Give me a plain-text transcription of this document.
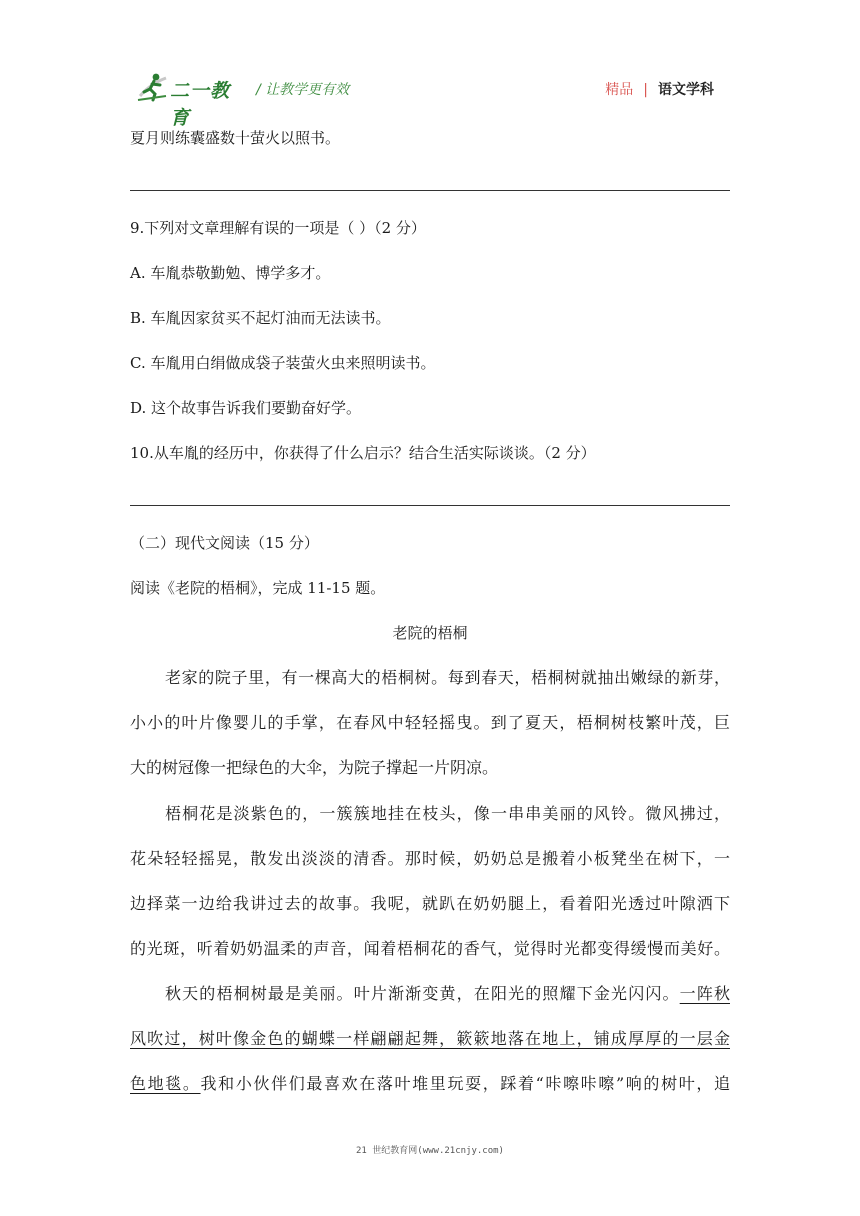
二一教育
/ 让教学更有效	精品 | 语文学科
夏月则练囊盛数十萤火以照书。
9.下列对文章理解有误的一项是（ ）（2 分）
A. 车胤恭敬勤勉、博学多才。
B. 车胤因家贫买不起灯油而无法读书。
C. 车胤用白绢做成袋子装萤火虫来照明读书。
D. 这个故事告诉我们要勤奋好学。
10.从车胤的经历中，你获得了什么启示？结合生活实际谈谈。（2 分）
（二）现代文阅读（15 分）
阅读《老院的梧桐》，完成 11-15 题。
老院的梧桐
老家的院子里，有一棵高大的梧桐树。每到春天，梧桐树就抽出嫩绿的新芽，
小小的叶片像婴儿的手掌，在春风中轻轻摇曳。到了夏天，梧桐树枝繁叶茂，巨
大的树冠像一把绿色的大伞，为院子撑起一片阴凉。
梧桐花是淡紫色的，一簇簇地挂在枝头，像一串串美丽的风铃。微风拂过，
花朵轻轻摇晃，散发出淡淡的清香。那时候，奶奶总是搬着小板凳坐在树下，一
边择菜一边给我讲过去的故事。我呢，就趴在奶奶腿上，看着阳光透过叶隙洒下
的光斑，听着奶奶温柔的声音，闻着梧桐花的香气，觉得时光都变得缓慢而美好。
秋天的梧桐树最是美丽。叶片渐渐变黄，在阳光的照耀下金光闪闪。一阵秋
风吹过，树叶像金色的蝴蝶一样翩翩起舞，簌簌地落在地上，铺成厚厚的一层金
色地毯。我和小伙伴们最喜欢在落叶堆里玩耍，踩着“咔嚓咔嚓”响的树叶，追
21 世纪教育网(www.21cnjy.com)
